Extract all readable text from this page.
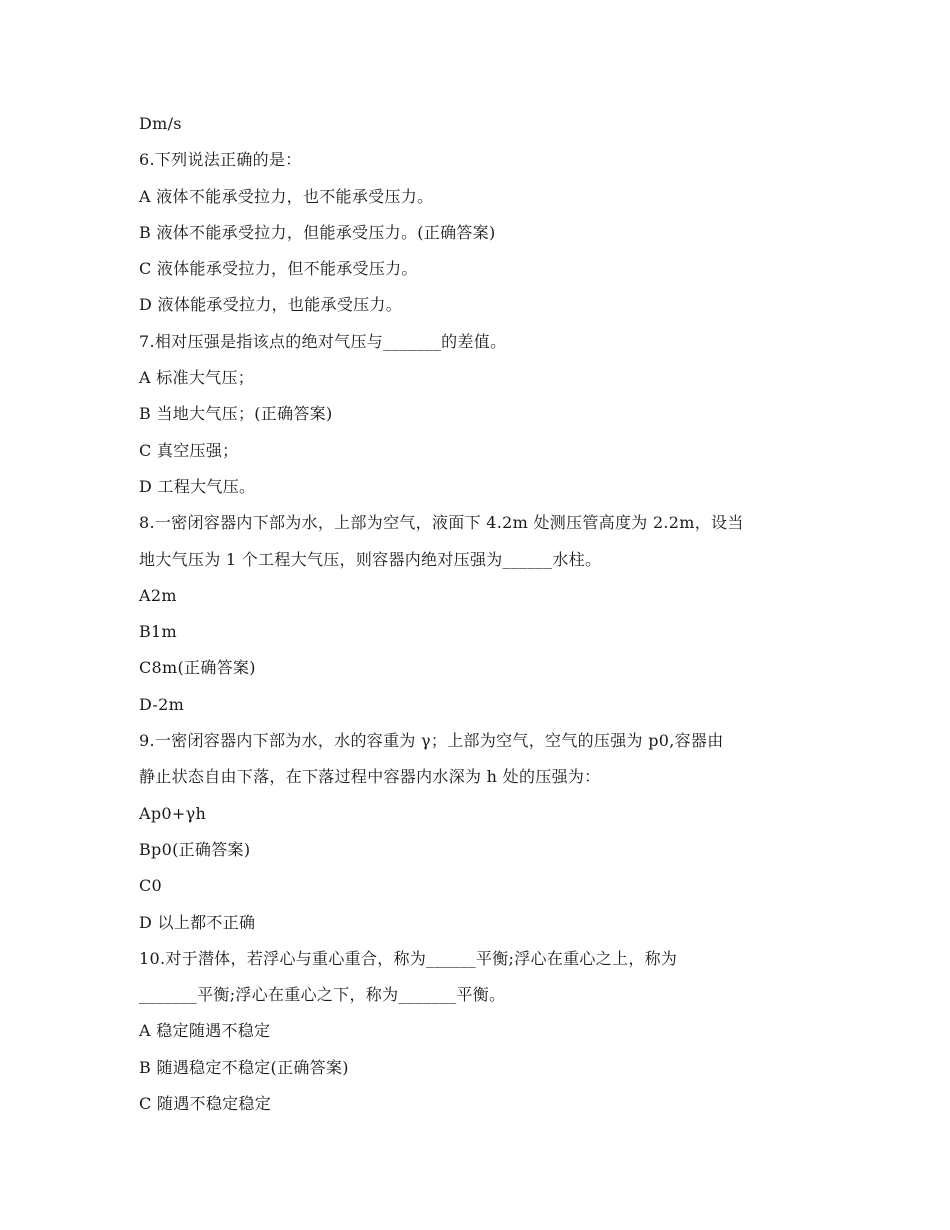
Dm/s
6.下列说法正确的是：
A 液体不能承受拉力，也不能承受压力。
B 液体不能承受拉力，但能承受压力。(正确答案)
C 液体能承受拉力，但不能承受压力。
D 液体能承受拉力，也能承受压力。
7.相对压强是指该点的绝对气压与_______的差值。
A 标准大气压；
B 当地大气压；(正确答案)
C 真空压强；
D 工程大气压。
8.一密闭容器内下部为水，上部为空气，液面下 4.2m 处测压管高度为 2.2m，设当
地大气压为 1 个工程大气压，则容器内绝对压强为______水柱。
A2m
B1m
C8m(正确答案)
D-2m
9.一密闭容器内下部为水，水的容重为 γ；上部为空气，空气的压强为 p0,容器由
静止状态自由下落，在下落过程中容器内水深为 h 处的压强为：
Ap0+γh
Bp0(正确答案)
C0
D 以上都不正确
10.对于潜体，若浮心与重心重合，称为______平衡;浮心在重心之上，称为
_______平衡;浮心在重心之下，称为_______平衡。
A 稳定随遇不稳定
B 随遇稳定不稳定(正确答案)
C 随遇不稳定稳定
